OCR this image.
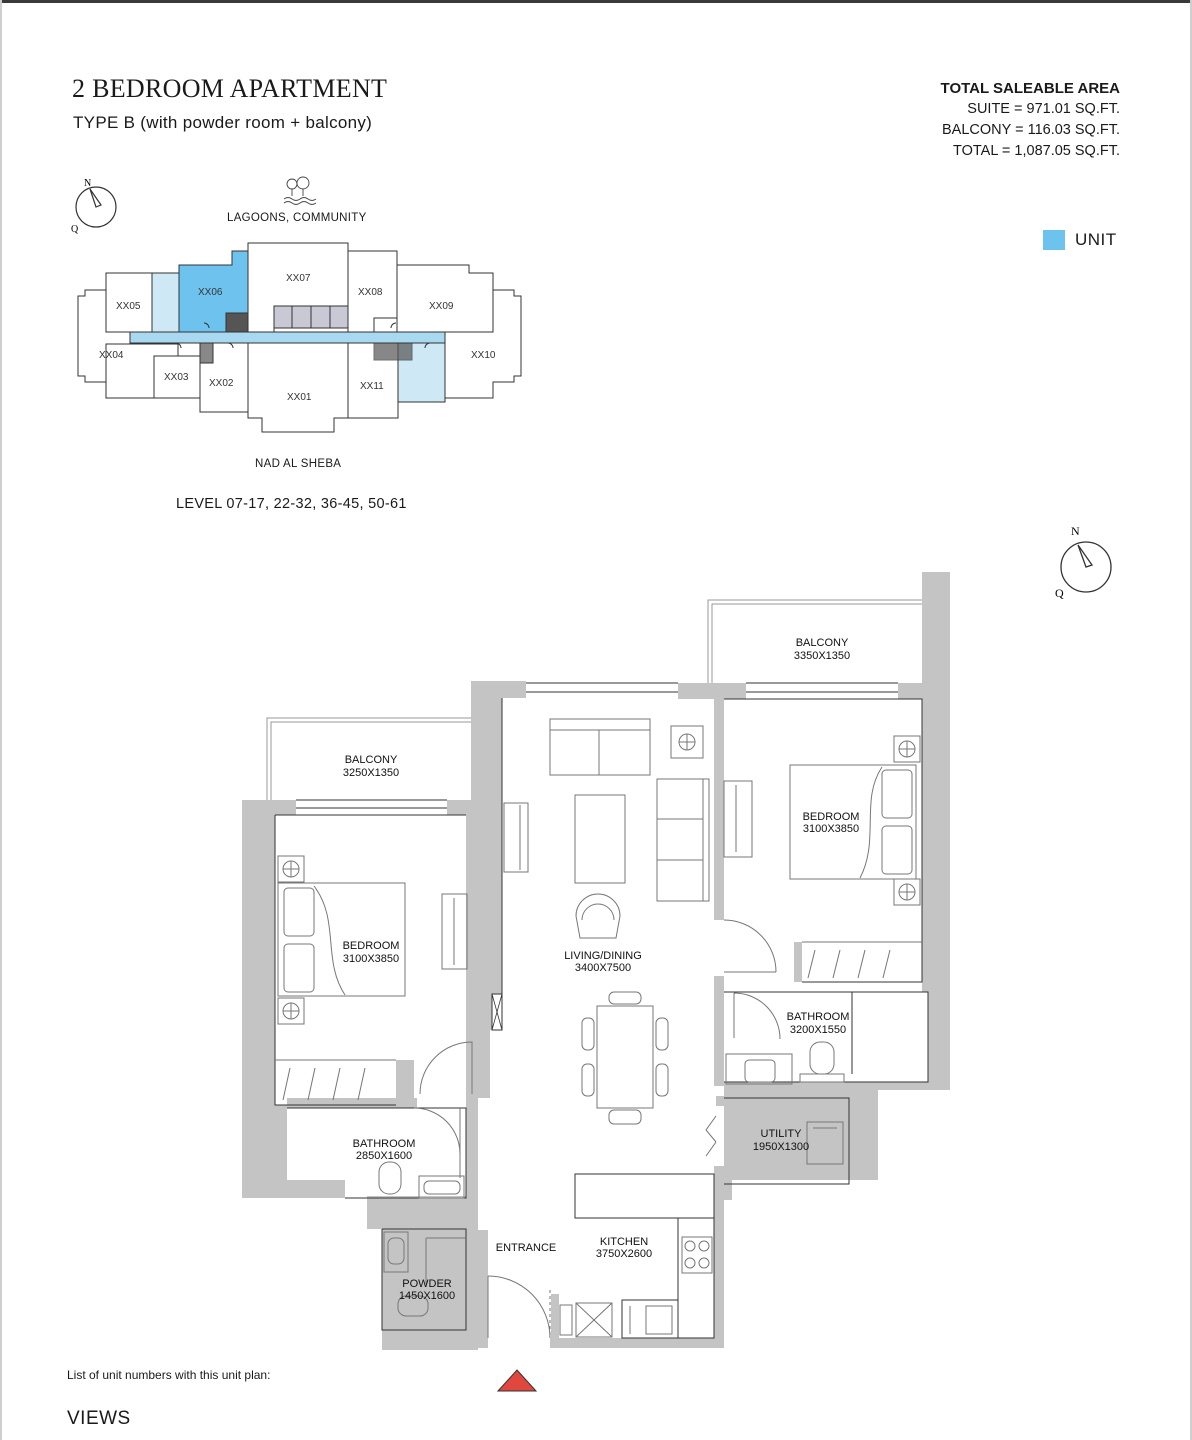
2 BEDROOM APARTMENT
TYPE B (with powder room + balcony)
TOTAL SALEABLE AREA
SUITE = 971.01 SQ.FT.
BALCONY = 116.03 SQ.FT.
TOTAL = 1,087.05 SQ.FT.
UNIT
LAGOONS, COMMUNITY
NAD AL SHEBA
LEVEL 07-17, 22-32, 36-45, 50-61
List of unit numbers with this unit plan:
VIEWS
N
Q
XX05
XX06
XX07
XX08
XX09
XX04	XX10
XX03
XX02
XX01
XX11
N
Q
BALCONY
3350X1350
BALCONY
3250X1350
BEDROOM
3100X3850
BEDROOM
3100X3850	LIVING/DINING
3400X7500
BATHROOM
3200X1550
UTILITY
1950X1300
BATHROOM
2850X1600
KITCHEN
3750X2600
POWDER
1450X1600
ENTRANCE
